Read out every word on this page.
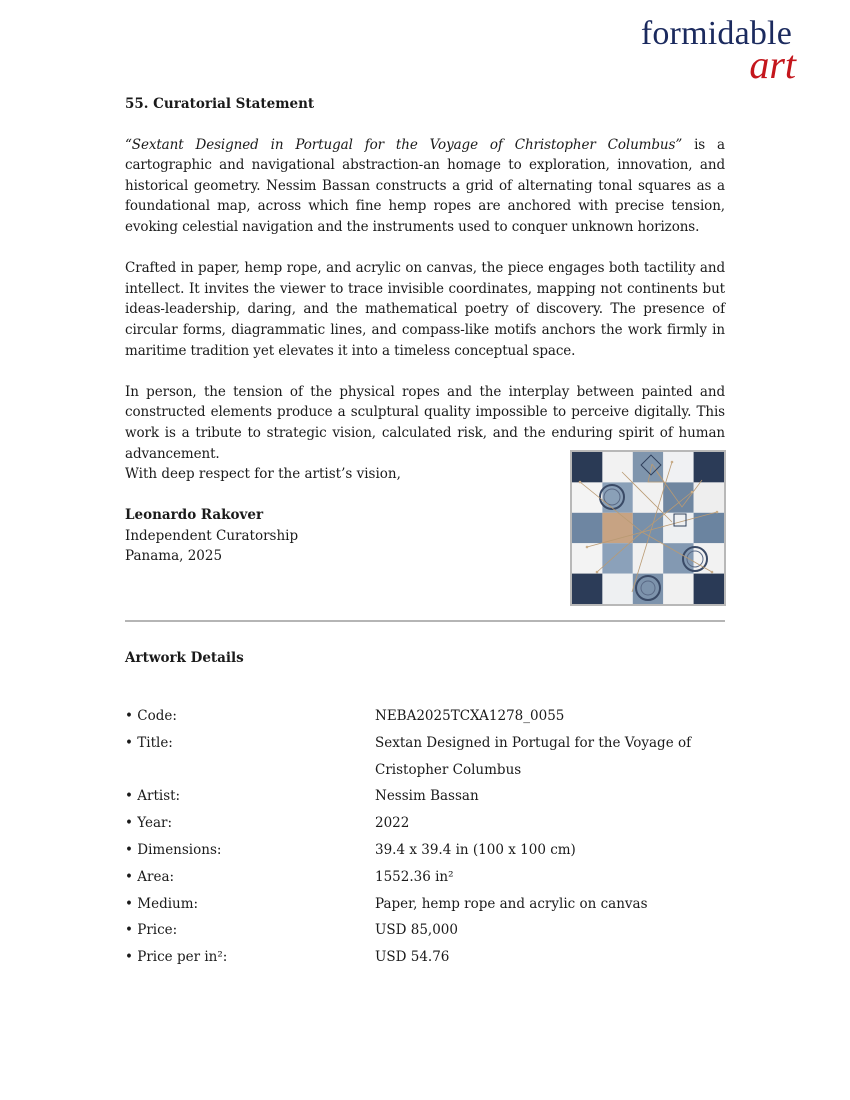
formidable
art
55. Curatorial Statement

“Sextant Designed in Portugal for the Voyage of Christopher Columbus” is a cartographic and navigational abstraction-an homage to exploration, innovation, and historical geometry. Nessim Bassan constructs a grid of alternating tonal squares as a foundational map, across which fine hemp ropes are anchored with precise tension, evoking celestial navigation and the instruments used to conquer unknown horizons.

Crafted in paper, hemp rope, and acrylic on canvas, the piece engages both tactility and intellect. It invites the viewer to trace invisible coordinates, mapping not continents but ideas-leadership, daring, and the mathematical poetry of discovery. The presence of circular forms, diagrammatic lines, and compass-like motifs anchors the work firmly in maritime tradition yet elevates it into a timeless conceptual space.

In person, the tension of the physical ropes and the interplay between painted and constructed elements produce a sculptural quality impossible to perceive digitally. This work is a tribute to strategic vision, calculated risk, and the enduring spirit of human advancement.

With deep respect for the artist’s vision,
Leonardo Rakover
Independent Curatorship
Panama, 2025
Artwork Details
• Code:	NEBA2025TCXA1278_0055
• Title:	Sextan Designed in Portugal for the Voyage of
Cristopher Columbus
• Artist:	Nessim Bassan
• Year:	2022
• Dimensions:	39.4 x 39.4 in (100 x 100 cm)
• Area:	1552.36 in²
• Medium:	Paper, hemp rope and acrylic on canvas
• Price:	USD 85,000
• Price per in²:	USD 54.76
